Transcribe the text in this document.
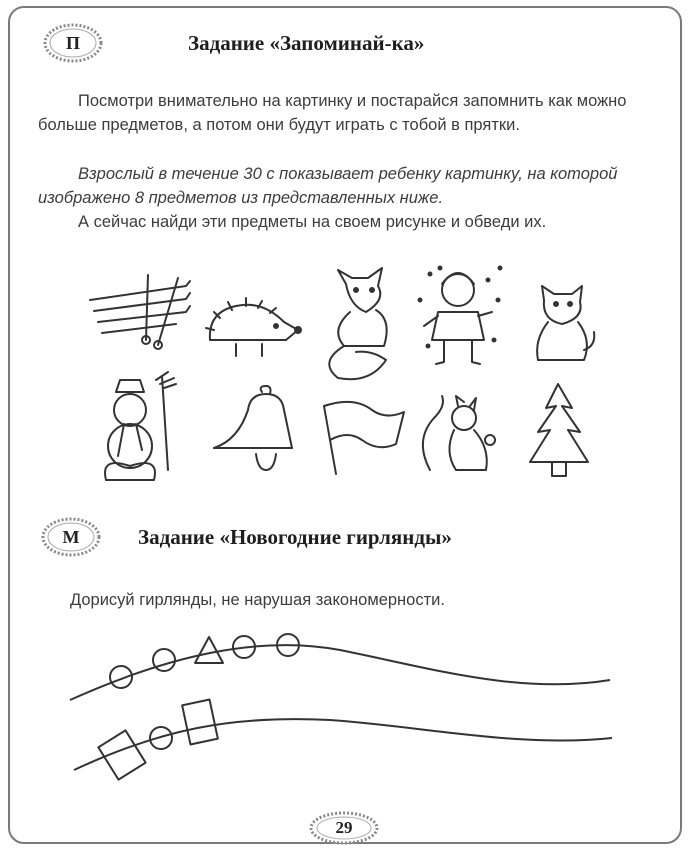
П	Задание «Запоминай-ка»

Посмотри внимательно на картинку и постарайся запомнить как можно больше предметов, а потом они будут играть с тобой в прятки.

Взрослый в течение 30 с показывает ребенку картинку, на которой изображено 8 предметов из представленных ниже.

А сейчас найди эти предметы на своем рисунке и обведи их.

М	Задание «Новогодние гирлянды»

Дорисуй гирлянды, не нарушая закономерности.

29
